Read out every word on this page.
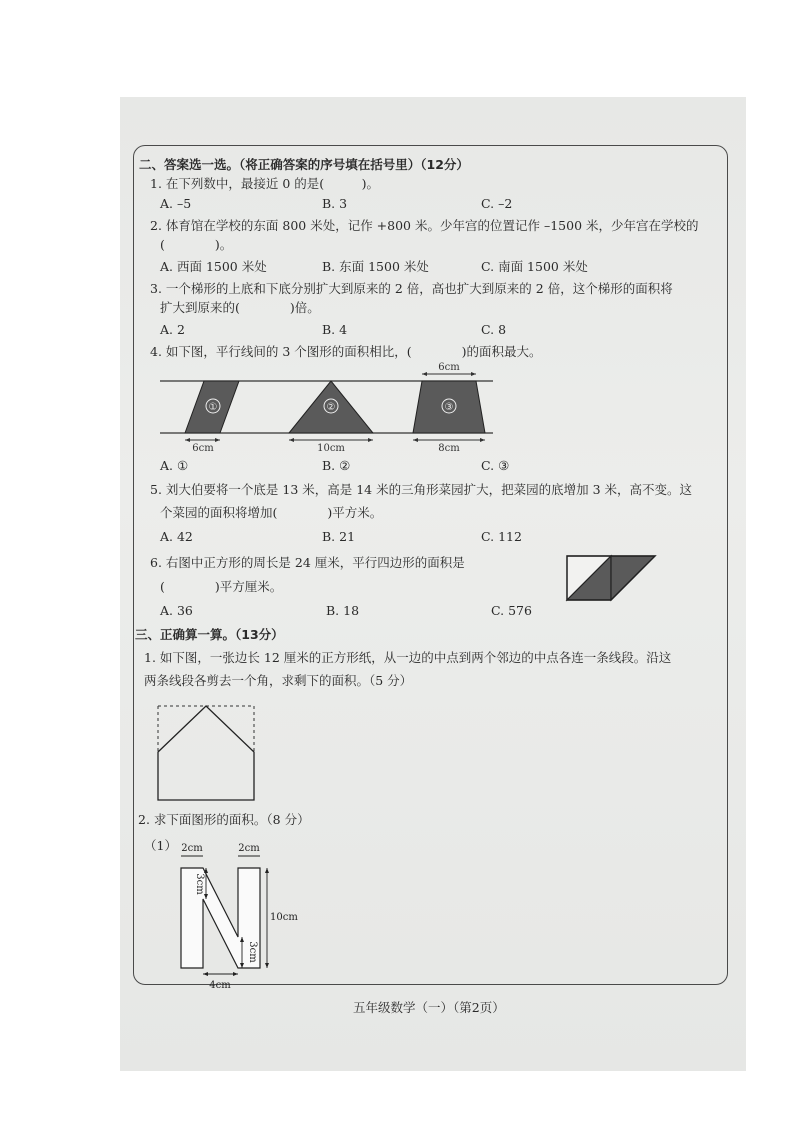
二、答案选一选。（将正确答案的序号填在括号里）（12分）
1. 在下列数中，最接近 0 的是(　　　)。
A. –5	B. 3	C. –2
2. 体育馆在学校的东面 800 米处，记作 +800 米。少年宫的位置记作 –1500 米，少年宫在学校的
(　　　　)。
A. 西面 1500 米处	B. 东面 1500 米处	C. 南面 1500 米处
3. 一个梯形的上底和下底分别扩大到原来的 2 倍，高也扩大到原来的 2 倍，这个梯形的面积将
扩大到原来的(　　　　)倍。
A. 2	B. 4	C. 8
4. 如下图，平行线间的 3 个图形的面积相比，(　　　　)的面积最大。
①	②	③
6cm	10cm
6cm
8cm
A. ①	B. ②	C. ③
5. 刘大伯要将一个底是 13 米，高是 14 米的三角形菜园扩大，把菜园的底增加 3 米，高不变。这
个菜园的面积将增加(　　　　)平方米。
A. 42	B. 21	C. 112
6. 右图中正方形的周长是 24 厘米，平行四边形的面积是
(　　　　)平方厘米。
A. 36	B. 18	C. 576
三、正确算一算。（13分）
1. 如下图，一张边长 12 厘米的正方形纸，从一边的中点到两个邻边的中点各连一条线段。沿这
两条线段各剪去一个角，求剩下的面积。（5 分）
2. 求下面图形的面积。（8 分）
（1） 2cm	2cm
3cm
10cm
3cm
4cm
五年级数学（一）（第2页）
